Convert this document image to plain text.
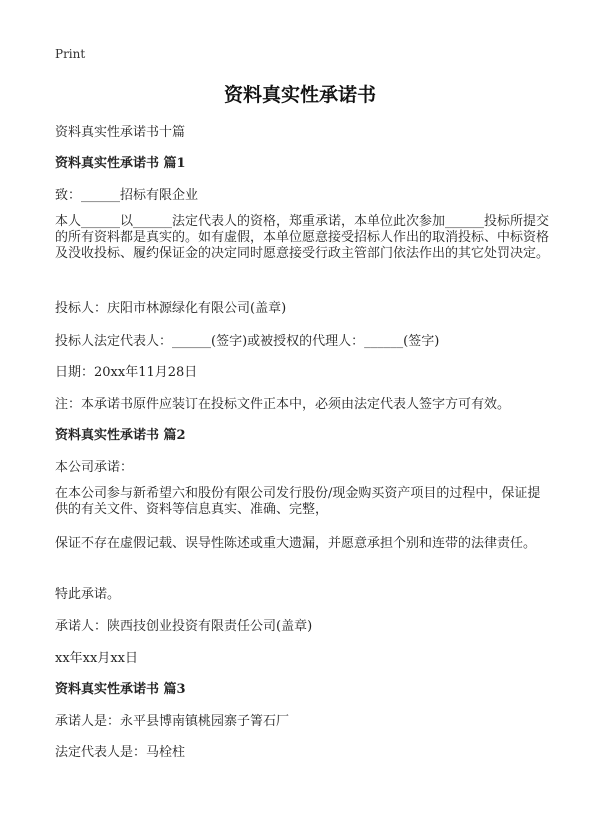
Print
资料真实性承诺书
资料真实性承诺书十篇
资料真实性承诺书 篇1
致：______招标有限企业
本人______以______法定代表人的资格，郑重承诺，本单位此次参加______投标所提交的所有资料都是真实的。如有虚假，本单位愿意接受招标人作出的取消投标、中标资格及没收投标、履约保证金的决定同时愿意接受行政主管部门依法作出的其它处罚决定。
投标人：庆阳市林源绿化有限公司(盖章)
投标人法定代表人：______(签字)或被授权的代理人：______(签字)
日期：20xx年11月28日
注：本承诺书原件应装订在投标文件正本中，必须由法定代表人签字方可有效。
资料真实性承诺书 篇2
本公司承诺：
在本公司参与新希望六和股份有限公司发行股份/现金购买资产项目的过程中，保证提供的有关文件、资料等信息真实、准确、完整，
保证不存在虚假记载、误导性陈述或重大遗漏，并愿意承担个别和连带的法律责任。
特此承诺。
承诺人：陕西技创业投资有限责任公司(盖章)
xx年xx月xx日
资料真实性承诺书 篇3
承诺人是：永平县博南镇桃园寨子箐石厂
法定代表人是：马栓柱
